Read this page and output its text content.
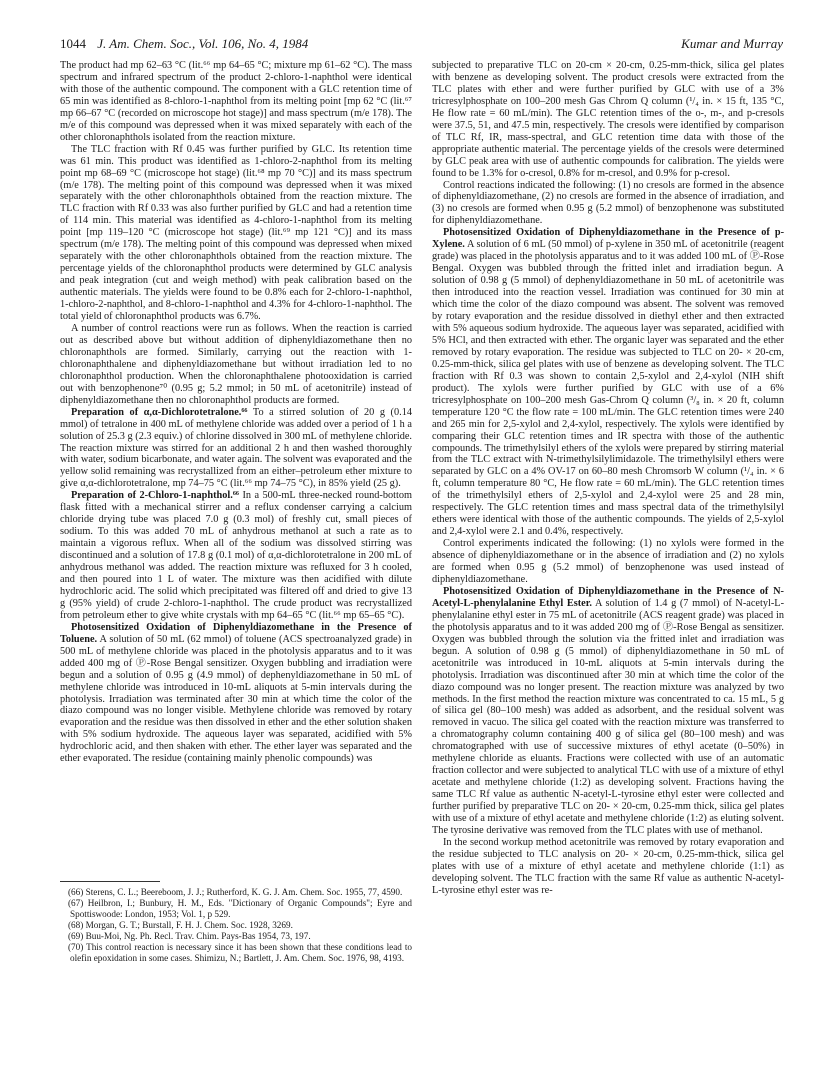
1044 J. Am. Chem. Soc., Vol. 106, No. 4, 1984	Kumar and Murray

The product had mp 62–63 °C (lit.⁶⁶ mp 64–65 °C; mixture mp 61–62 °C). The mass spectrum and infrared spectrum of the product 2-chloro-1-naphthol were identical with those of the authentic compound. The component with a GLC retention time of 65 min was identified as 8-chloro-1-naphthol from its melting point [mp 62 °C (lit.⁶⁷ mp 66–67 °C (recorded on microscope hot stage)] and mass spectrum (m/e 178). The m/e of this compound was depressed when it was mixed separately with each of the other chloronaphthols isolated from the reaction mixture.

The TLC fraction with Rf 0.45 was further purified by GLC. Its retention time was 61 min. This product was identified as 1-chloro-2-naphthol from its melting point mp 68–69 °C (microscope hot stage) (lit.⁶⁸ mp 70 °C)] and its mass spectrum (m/e 178). The melting point of this compound was depressed when it was mixed separately with the other chloronaphthols obtained from the reaction mixture. The TLC fraction with Rf 0.33 was also further purified by GLC and had a retention time of 114 min. This material was identified as 4-chloro-1-naphthol from its melting point [mp 119–120 °C (microscope hot stage) (lit.⁶⁹ mp 121 °C)] and its mass spectrum (m/e 178). The melting point of this compound was depressed when mixed separately with the other chloronaphthols obtained from the reaction mixture. The percentage yields of the chloronaphthol products were determined by GLC analysis and peak integration (cut and weigh method) with peak calibration based on the authentic materials. The yields were found to be 0.8% each for 2-chloro-1-naphthol, 1-chloro-2-naphthol, and 8-chloro-1-naphthol and 4.3% for 4-chloro-1-naphthol. The total yield of chloronaphthol products was 6.7%.

A number of control reactions were run as follows. When the reaction is carried out as described above but without addition of diphenyldiazomethane then no chloronaphthols are formed. Similarly, carrying out the reaction with 1-chloronaphthalene and diphenyldiazomethane but without irradiation led to no chloronaphthol production. When the chloronaphthalene photooxidation is carried out with benzophenone⁷⁰ (0.95 g; 5.2 mmol; in 50 mL of acetonitrile) instead of diphenyldiazomethane then no chloronaphthol products are formed.

Preparation of α,α-Dichlorotetralone.⁶⁶ To a stirred solution of 20 g (0.14 mmol) of tetralone in 400 mL of methylene chloride was added over a period of 1 h a solution of 25.3 g (2.3 equiv.) of chlorine dissolved in 300 mL of methylene chloride. The reaction mixture was stirred for an additional 2 h and then washed thoroughly with water, sodium bicarbonate, and water again. The solvent was evaporated and the yellow solid remaining was recrystallized from an either–petroleum ether mixture to give α,α-dichlorotetralone, mp 74–75 °C (lit.⁶⁶ mp 74–75 °C), in 85% yield (25 g).

Preparation of 2-Chloro-1-naphthol.⁶⁶ In a 500-mL three-necked round-bottom flask fitted with a mechanical stirrer and a reflux condenser carrying a calcium chloride drying tube was placed 7.0 g (0.3 mol) of freshly cut, small pieces of sodium. To this was added 70 mL of anhydrous methanol at such a rate as to maintain a vigorous reflux. When all of the sodium was dissolved stirring was discontinued and a solution of 17.8 g (0.1 mol) of α,α-dichlorotetralone in 200 mL of anhydrous methanol was added. The reaction mixture was refluxed for 3 h cooled, and then poured into 1 L of water. The mixture was then acidified with dilute hydrochloric acid. The solid which precipitated was filtered off and dried to give 13 g (95% yield) of crude 2-chloro-1-naphthol. The crude product was recrystallized from petroleum ether to give white crystals with mp 64–65 °C (lit.⁶⁶ mp 65–65 °C).

Photosensitized Oxidation of Diphenyldiazomethane in the Presence of Toluene. A solution of 50 mL (62 mmol) of toluene (ACS spectroanalyzed grade) in 500 mL of methylene chloride was placed in the photolysis apparatus and to it was added 400 mg of Ⓟ-Rose Bengal sensitizer. Oxygen bubbling and irradiation were begun and a solution of 0.95 g (4.9 mmol) of dephenyldiazomethane in 50 mL of methylene chloride was introduced in 10-mL aliquots at 5-min intervals during the photolysis. Irradiation was terminated after 30 min at which time the color of the diazo compound was no longer visible. Methylene chloride was removed by rotary evaporation and the residue was then dissolved in ether and the ether solution shaken with 5% sodium hydroxide. The aqueous layer was separated, acidified with 5% hydrochloric acid, and then shaken with ether. The ether layer was separated and the ether evaporated. The residue (containing mainly phenolic compounds) was

subjected to preparative TLC on 20-cm × 20-cm, 0.25-mm-thick, silica gel plates with benzene as developing solvent. The product cresols were extracted from the TLC plates with ether and were further purified by GLC with use of a 3% tricresylphosphate on 100–200 mesh Gas Chrom Q column (¹/₄ in. × 15 ft, 135 °C, He flow rate = 60 mL/min). The GLC retention times of the o-, m-, and p-cresols were 37.5, 51, and 47.5 min, respectively. The cresols were identified by comparison of TLC Rf, IR, mass-spectral, and GLC retention time data with those of the appropriate authentic material. The percentage yields of the cresols were determined by GLC peak area with use of authentic compounds for calibration. The yields were found to be 1.3% for o-cresol, 0.8% for m-cresol, and 0.9% for p-cresol.

Control reactions indicated the following: (1) no cresols are formed in the absence of diphenyldiazomethane, (2) no cresols are formed in the absence of irradiation, and (3) no cresols are formed when 0.95 g (5.2 mmol) of benzophenone was substituted for diphenyldiazomethane.

Photosensitized Oxidation of Diphenyldiazomethane in the Presence of p-Xylene. A solution of 6 mL (50 mmol) of p-xylene in 350 mL of acetonitrile (reagent grade) was placed in the photolysis apparatus and to it was added 100 mL of Ⓟ-Rose Bengal. Oxygen was bubbled through the fritted inlet and irradiation begun. A solution of 0.98 g (5 mmol) of dephenyldiazomethane in 50 mL of acetonitrile was then introduced into the reaction vessel. Irradiation was continued for 30 min at which time the color of the diazo compound was absent. The solvent was removed by rotary evaporation and the residue dissolved in diethyl ether and then extracted with 5% aqueous sodium hydroxide. The aqueous layer was separated, acidified with 5% HCl, and then extracted with ether. The organic layer was separated and the ether removed by rotary evaporation. The residue was subjected to TLC on 20- × 20-cm, 0.25-mm-thick, silica gel plates with use of benzene as developing solvent. The TLC fraction with Rf 0.3 was shown to contain 2,5-xylol and 2,4-xylol (NIH shift product). The xylols were further purified by GLC with use of a 6% tricresylphosphate on 100–200 mesh Gas-Chrom Q column (³/₈ in. × 20 ft, column temperature 120 °C the flow rate = 100 mL/min. The GLC retention times were 240 and 265 min for 2,5-xylol and 2,4-xylol, respectively. The xylols were identified by comparing their GLC retention times and IR spectra with those of the authentic compounds. The trimethylsilyl ethers of the xylols were prepared by stirring material from the TLC extract with N-trimethylsilylimidazole. The trimethylsilyl ethers were separated by GLC on a 4% OV-17 on 60–80 mesh Chromsorb W column (¹/₄ in. × 6 ft, column temperature 80 °C, He flow rate = 60 mL/min). The GLC retention times of the trimethylsilyl ethers of 2,5-xylol and 2,4-xylol were 25 and 28 min, respectively. The GLC retention times and mass spectral data of the trimethylsilyl ethers were identical with those of the authentic compounds. The yields of 2,5-xylol and 2,4-xylol were 2.1 and 0.4%, respectively.

Control experiments indicated the following: (1) no xylols were formed in the absence of diphenyldiazomethane or in the absence of irradiation and (2) no xylols are formed when 0.95 g (5.2 mmol) of benzophenone was used instead of diphenyldiazomethane.

Photosensitized Oxidation of Diphenyldiazomethane in the Presence of N-Acetyl-L-phenylalanine Ethyl Ester. A solution of 1.4 g (7 mmol) of N-acetyl-L-phenylalanine ethyl ester in 75 mL of acetonitrile (ACS reagent grade) was placed in the photolysis apparatus and to it was added 200 mg of Ⓟ-Rose Bengal as sensitizer. Oxygen was bubbled through the solution via the fritted inlet and irradiation was begun. A solution of 0.98 g (5 mmol) of diphenyldiazomethane in 50 mL of acetonitrile was introduced in 10-mL aliquots at 5-min intervals during the photolysis. Irradiation was discontinued after 30 min at which time the color of the diazo compound was no longer present. The reaction mixture was analyzed by two methods. In the first method the reaction mixture was concentrated to ca. 15 mL, 5 g of silica gel (80–100 mesh) was added as adsorbent, and the residual solvent was removed in vacuo. The silica gel coated with the reaction mixture was transferred to a chromatography column containing 400 g of silica gel (80–100 mesh) and was chromatographed with use of successive mixtures of ethyl acetate (0–50%) in methylene chloride as eluants. Fractions were collected with use of an automatic fraction collector and were subjected to analytical TLC with use of a mixture of ethyl acetate and methylene chloride (1:2) as developing solvent. Fractions having the same TLC Rf value as authentic N-acetyl-L-tyrosine ethyl ester were collected and further purified by preparative TLC on 20- × 20-cm, 0.25-mm thick, silica gel plates with use of a mixture of ethyl acetate and methylene chloride (1:2) as eluting solvent. The tyrosine derivative was removed from the TLC plates with use of methanol.

In the second workup method acetonitrile was removed by rotary evaporation and the residue subjected to TLC analysis on 20- × 20-cm, 0.25-mm-thick, silica gel plates with use of a mixture of ethyl acetate and methylene chloride (1:1) as developing solvent. The TLC fraction with the same Rf value as authentic N-acetyl-L-tyrosine ethyl ester was re-

(66) Sterens, C. L.; Beereboom, J. J.; Rutherford, K. G. J. Am. Chem. Soc. 1955, 77, 4590.

(67) Heilbron, I.; Bunbury, H. M., Eds. "Dictionary of Organic Compounds"; Eyre and Spottiswoode: London, 1953; Vol. 1, p 529.

(68) Morgan, G. T.; Burstall, F. H. J. Chem. Soc. 1928, 3269.

(69) Buu-Moi, Ng. Ph. Recl. Trav. Chim. Pays-Bas 1954, 73, 197.

(70) This control reaction is necessary since it has been shown that these conditions lead to olefin epoxidation in some cases. Shimizu, N.; Bartlett, J. Am. Chem. Soc. 1976, 98, 4193.
